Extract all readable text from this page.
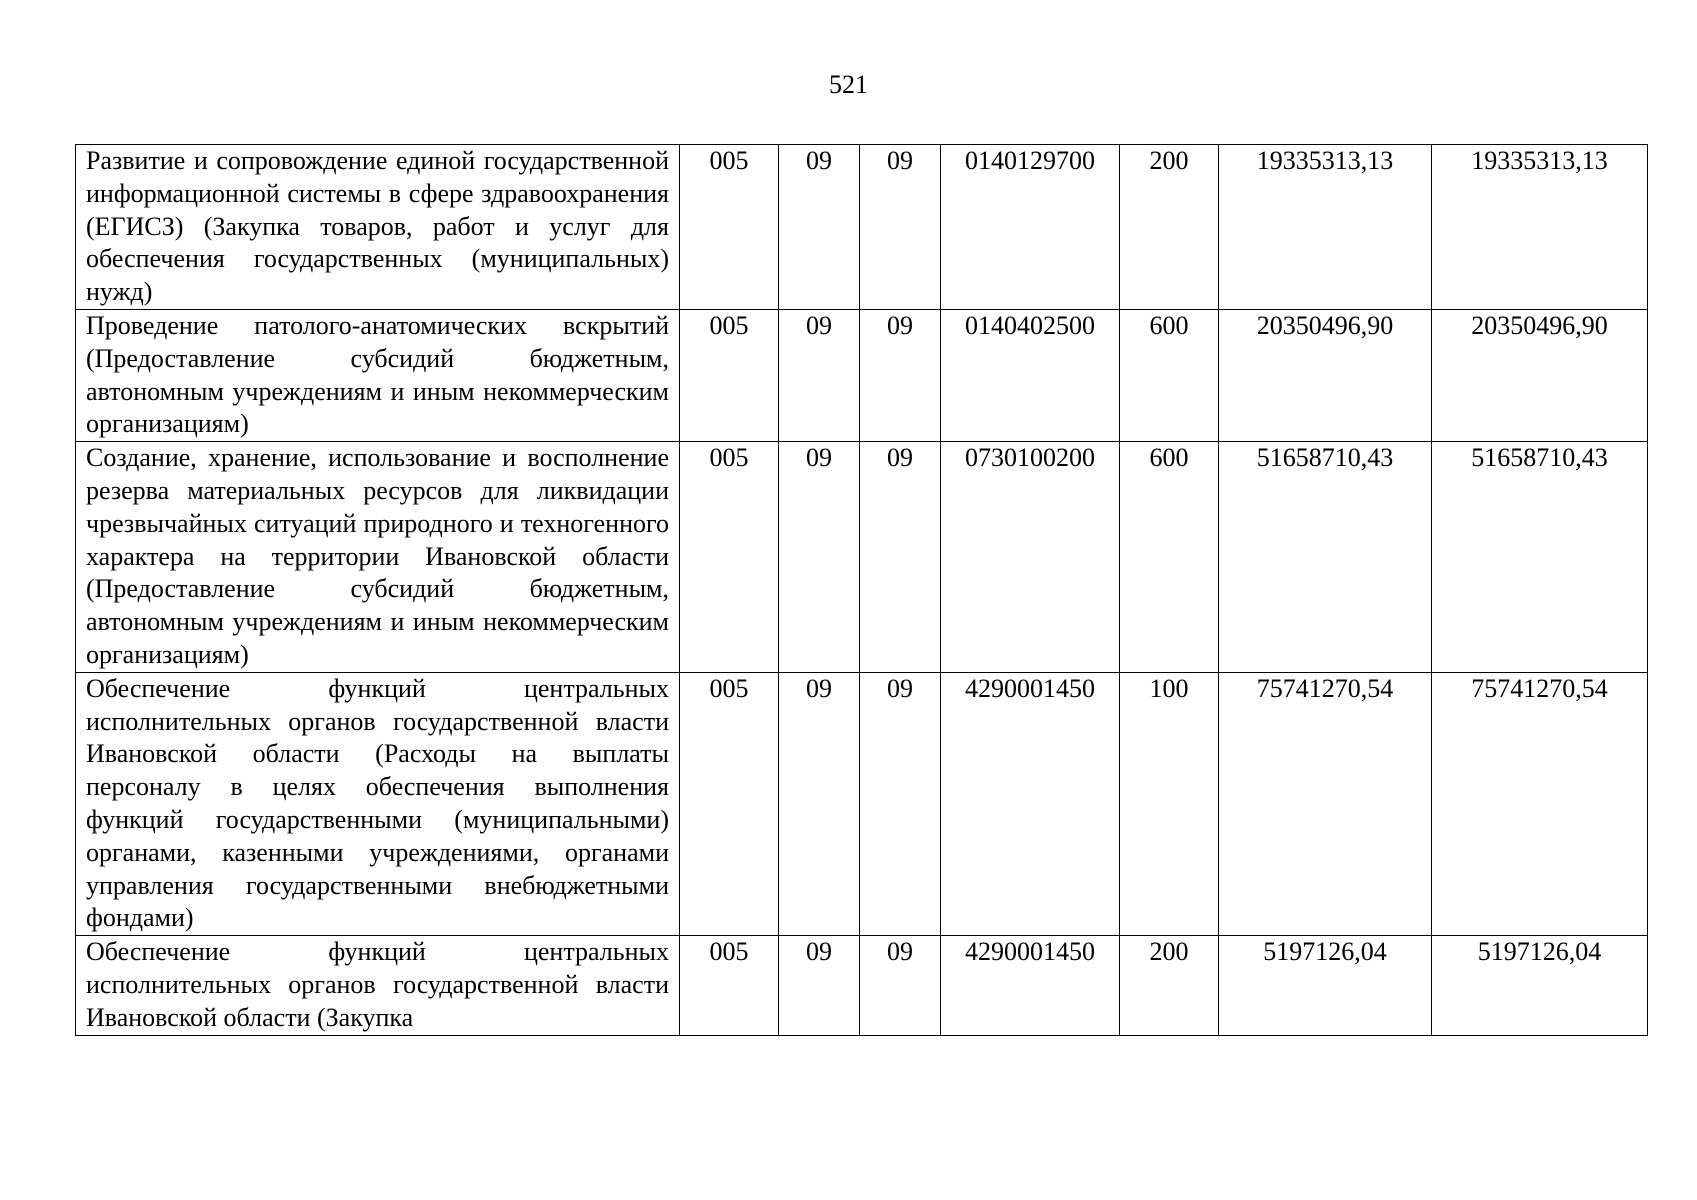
521
Развитие и сопровождение единой государственной информационной системы в сфере здравоохранения (ЕГИСЗ) (Закупка товаров, работ и услуг для обеспечения государственных (муниципальных) нужд)	005	09	09	0140129700	200	19335313,13	19335313,13
Проведение патолого-анатомических вскрытий (Предоставление субсидий бюджетным, автономным учреждениям и иным некоммерческим организациям)	005	09	09	0140402500	600	20350496,90	20350496,90
Создание, хранение, использование и восполнение резерва материальных ресурсов для ликвидации чрезвычайных ситуаций природного и техногенного характера на территории Ивановской области (Предоставление субсидий бюджетным, автономным учреждениям и иным некоммерческим организациям)	005	09	09	0730100200	600	51658710,43	51658710,43
Обеспечение функций центральных исполнительных органов государственной власти Ивановской области (Расходы на выплаты персоналу в целях обеспечения выполнения функций государственными (муниципальными) органами, казенными учреждениями, органами управления государственными внебюджетными фондами)	005	09	09	4290001450	100	75741270,54	75741270,54
Обеспечение функций центральных исполнительных органов государственной власти Ивановской области (Закупка	005	09	09	4290001450	200	5197126,04	5197126,04
